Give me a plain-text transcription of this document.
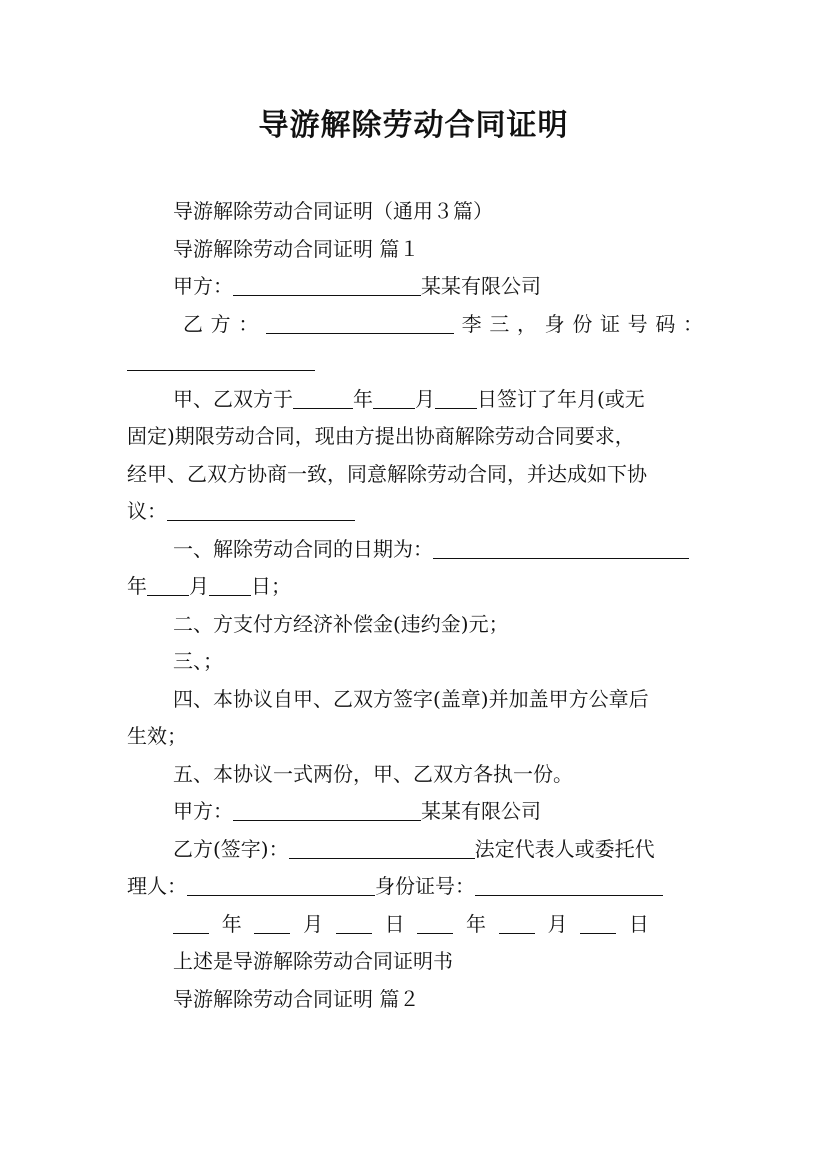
导游解除劳动合同证明
导游解除劳动合同证明（通用３篇）
导游解除劳动合同证明 篇１
甲方：	某某有限公司
乙方：	李三，身份证号码：
甲、乙双方于	年 月 日签订了年月(或无
固定)期限劳动合同，现由方提出协商解除劳动合同要求，
经甲、乙双方协商一致，同意解除劳动合同，并达成如下协
议：
一、解除劳动合同的日期为：
年 月 日；
二、方支付方经济补偿金(违约金)元；
三、；
四、本协议自甲、乙双方签字(盖章)并加盖甲方公章后
生效；
五、本协议一式两份，甲、乙双方各执一份。
甲方：	某某有限公司
乙方(签字)：	法定代表人或委托代
理人：	身份证号：
年	月	日	年	月	日
上述是导游解除劳动合同证明书
导游解除劳动合同证明 篇２
